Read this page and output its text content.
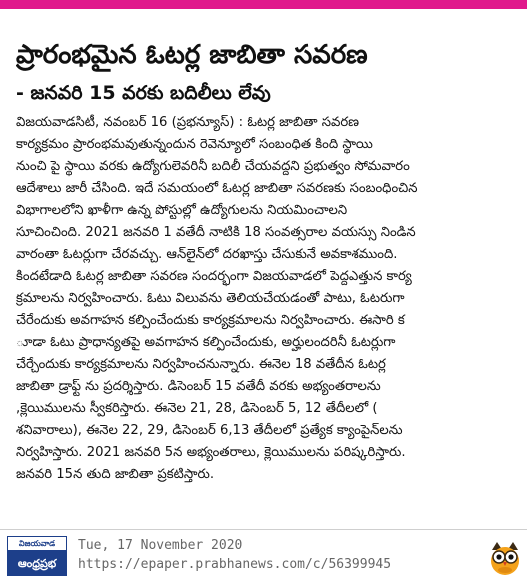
ప్రారంభమైన ఓటర్ల జాబితా సవరణ
- జనవరి 15 వరకు బదిలీలు లేవు
విజయవాడసిటీ, నవంబర్ 16 (ప్రభన్యూస్) : ఓటర్ల జాబితా సవరణ
కార్యక్రమం ప్రారంభమవుతున్నందున రెవెన్యూలో సంబంధిత కింది స్థాయి
నుంచి పై స్థాయి వరకు ఉద్యోగులెవరినీ బదిలీ చేయవద్దని ప్రభుత్వం సోమవారం
ఆదేశాలు జారీ చేసింది. ఇదే సమయంలో ఓటర్ల జాబితా సవరణకు సంబంధించిన
విభాగాలలోని ఖాళీగా ఉన్న పోస్టుల్లో ఉద్యోగులను నియమించాలని
సూచించింది. 2021 జనవరి 1 వతేదీ నాటికి 18 సంవత్సరాల వయస్సు నిండిన
వారంతా ఓటర్లుగా చేరవచ్చు. ఆన్‌లైన్‌లో దరఖాస్తు చేసుకునే అవకాశముంది.
కిందటేడాది ఓటర్ల జాబితా సవరణ సందర్భంగా విజయవాడలో పెద్దఎత్తున కార్య
క్రమాలను నిర్వహించారు. ఓటు విలువను తెలియచేయడంతో పాటు, ఓటరుగా
చేరేందుకు అవగాహన కల్పించేందుకు కార్యక్రమాలను నిర్వహించారు. ఈసారి క
ూడా ఓటు ప్రాధాన్యతపై అవగాహన కల్పించేందుకు, అర్హులందరినీ ఓటర్లుగా
చేర్చేందుకు కార్యక్రమాలను నిర్వహించనున్నారు. ఈనెల 18 వతేదీన ఓటర్ల
జాబితా డ్రాఫ్ట్ ను ప్రదర్శిస్తారు. డిసెంబర్ 15 వతేదీ వరకు అభ్యంతరాలను
,క్లెయిములను స్వీకరిస్తారు. ఈనెల 21, 28, డిసెంబర్ 5, 12 తేదీలలో (
శనివారాలు), ఈనెల 22, 29, డిసెంబర్ 6,13 తేదీలలో ప్రత్యేక క్యాంపైన్‌లను
నిర్వహిస్తారు. 2021 జనవరి 5న అభ్యంతరాలు, క్లెయిములను పరిష్కరిస్తారు.
జనవరి 15న తుది జాబితా ప్రకటిస్తారు.
విజయవాడ
ఆంధ్రప్రభ
Tue, 17 November 2020
https://epaper.prabhanews.com/c/56399945
